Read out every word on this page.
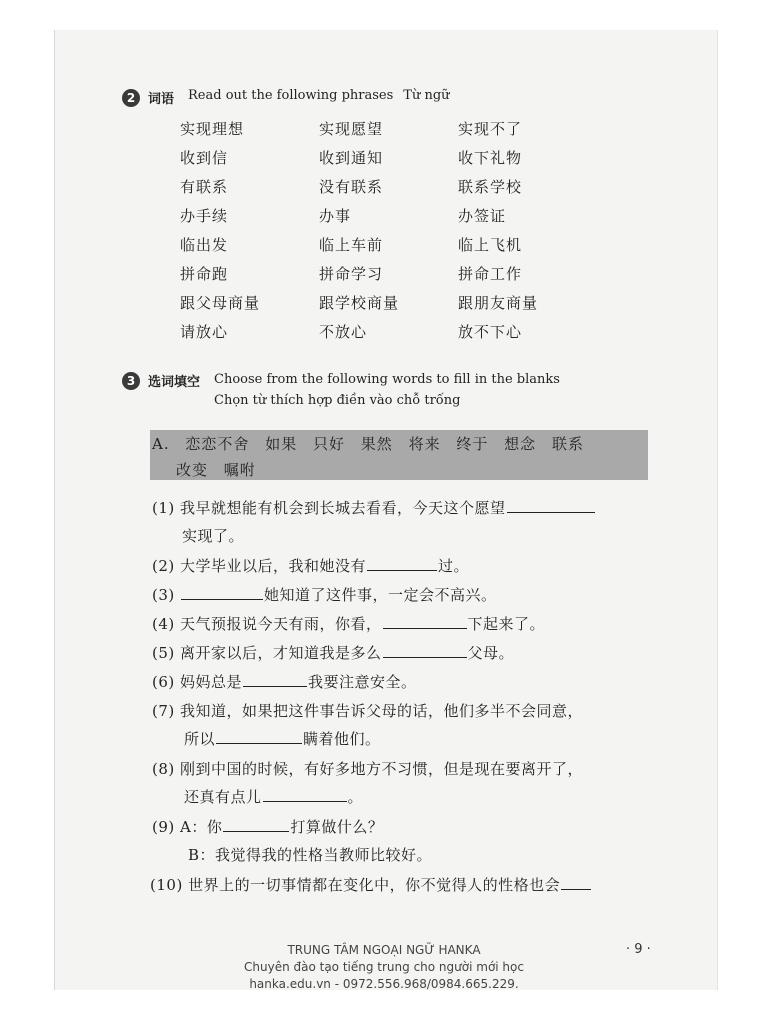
2 词语 Read out the following phrases Từ ngữ
实现理想	实现愿望	实现不了
收到信	收到通知	收下礼物
有联系	没有联系	联系学校
办手续	办事	办签证
临出发	临上车前	临上飞机
拼命跑	拼命学习	拼命工作
跟父母商量	跟学校商量	跟朋友商量
请放心	不放心	放不下心
3 选词填空 Choose from the following words to fill in the blanks
Chọn từ thích hợp điền vào chỗ trống
A. 恋恋不舍 如果 只好 果然 将来 终于 想念 联系
改变 嘱咐
(1) 我早就想能有机会到长城去看看，今天这个愿望
实现了。
(2) 大学毕业以后，我和她没有	过。
(3)	她知道了这件事，一定会不高兴。
(4) 天气预报说今天有雨，你看，	下起来了。
(5) 离开家以后，才知道我是多么	父母。
(6) 妈妈总是	我要注意安全。
(7) 我知道，如果把这件事告诉父母的话，他们多半不会同意，
所以	瞒着他们。
(8) 刚到中国的时候，有好多地方不习惯，但是现在要离开了，
还真有点儿	。
(9) A：你	打算做什么？
B：我觉得我的性格当教师比较好。
(10) 世界上的一切事情都在变化中，你不觉得人的性格也会
TRUNG TÂM NGOẠI NGỮ HANKA
Chuyên đào tạo tiếng trung cho người mới học
hanka.edu.vn - 0972.556.968/0984.665.229.
· 9 ·
